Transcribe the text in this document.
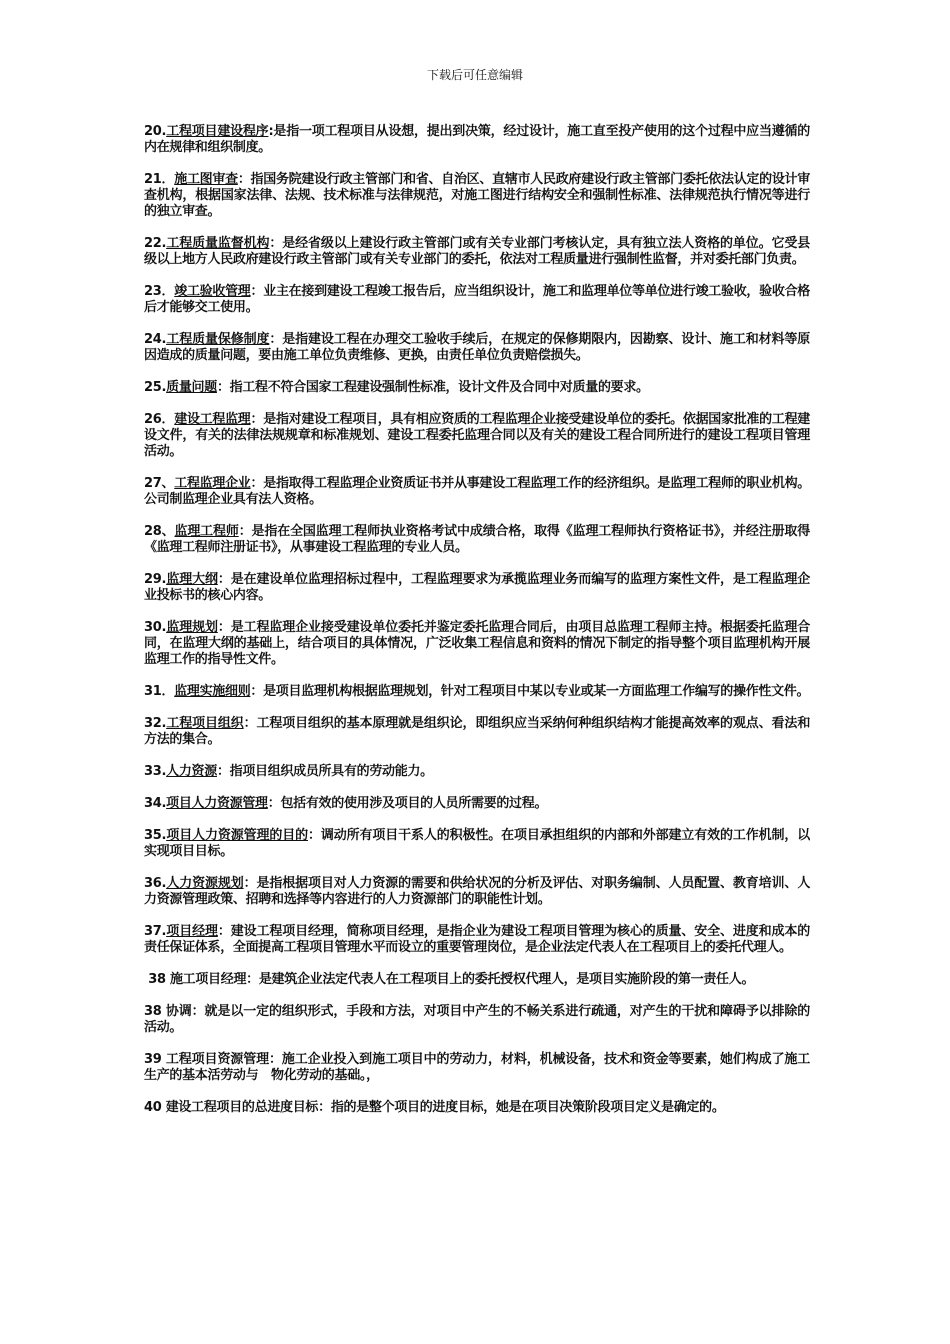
下载后可任意编辑

20.工程项目建设程序:是指一项工程项目从设想，提出到决策，经过设计，施工直至投产使用的这个过程中应当遵循的内在规律和组织制度。

21．施工图审查：指国务院建设行政主管部门和省、自治区、直辖市人民政府建设行政主管部门委托依法认定的设计审查机构，根据国家法律、法规、技术标准与法律规范，对施工图进行结构安全和强制性标准、法律规范执行情况等进行的独立审查。

22.工程质量监督机构：是经省级以上建设行政主管部门或有关专业部门考核认定，具有独立法人资格的单位。它受县级以上地方人民政府建设行政主管部门或有关专业部门的委托，依法对工程质量进行强制性监督，并对委托部门负责。

23．竣工验收管理：业主在接到建设工程竣工报告后，应当组织设计，施工和监理单位等单位进行竣工验收，验收合格后才能够交工使用。

24.工程质量保修制度：是指建设工程在办理交工验收手续后，在规定的保修期限内，因勘察、设计、施工和材料等原因造成的质量问题，要由施工单位负责维修、更换，由责任单位负责赔偿损失。

25.质量问题：指工程不符合国家工程建设强制性标准，设计文件及合同中对质量的要求。

26．建设工程监理：是指对建设工程项目，具有相应资质的工程监理企业接受建设单位的委托。依据国家批准的工程建设文件，有关的法律法规规章和标准规划、建设工程委托监理合同以及有关的建设工程合同所进行的建设工程项目管理活动。

27、工程监理企业：是指取得工程监理企业资质证书并从事建设工程监理工作的经济组织。是监理工程师的职业机构。公司制监理企业具有法人资格。

28、监理工程师：是指在全国监理工程师执业资格考试中成绩合格，取得《监理工程师执行资格证书》，并经注册取得《监理工程师注册证书》，从事建设工程监理的专业人员。

29.监理大纲：是在建设单位监理招标过程中，工程监理要求为承揽监理业务而编写的监理方案性文件，是工程监理企业投标书的核心内容。

30.监理规划：是工程监理企业接受建设单位委托并鉴定委托监理合同后，由项目总监理工程师主持。根据委托监理合同，在监理大纲的基础上，结合项目的具体情况，广泛收集工程信息和资料的情况下制定的指导整个项目监理机构开展监理工作的指导性文件。

31．监理实施细则：是项目监理机构根据监理规划，针对工程项目中某以专业或某一方面监理工作编写的操作性文件。

32.工程项目组织：工程项目组织的基本原理就是组织论，即组织应当采纳何种组织结构才能提高效率的观点、看法和方法的集合。

33.人力资源：指项目组织成员所具有的劳动能力。

34.项目人力资源管理：包括有效的使用涉及项目的人员所需要的过程。

35.项目人力资源管理的目的：调动所有项目干系人的积极性。在项目承担组织的内部和外部建立有效的工作机制，以实现项目目标。

36.人力资源规划：是指根据项目对人力资源的需要和供给状况的分析及评估、对职务编制、人员配置、教育培训、人力资源管理政策、招聘和选择等内容进行的人力资源部门的职能性计划。

37.项目经理：建设工程项目经理，简称项目经理，是指企业为建设工程项目管理为核心的质量、安全、进度和成本的责任保证体系，全面提高工程项目管理水平而设立的重要管理岗位，是企业法定代表人在工程项目上的委托代理人。

38 施工项目经理：是建筑企业法定代表人在工程项目上的委托授权代理人，是项目实施阶段的第一责任人。

38 协调：就是以一定的组织形式，手段和方法，对项目中产生的不畅关系进行疏通，对产生的干扰和障碍予以排除的活动。

39 工程项目资源管理：施工企业投入到施工项目中的劳动力，材料，机械设备，技术和资金等要素，她们构成了施工生产的基本活劳动与　物化劳动的基础。，

40 建设工程项目的总进度目标：指的是整个项目的进度目标，她是在项目决策阶段项目定义是确定的。
